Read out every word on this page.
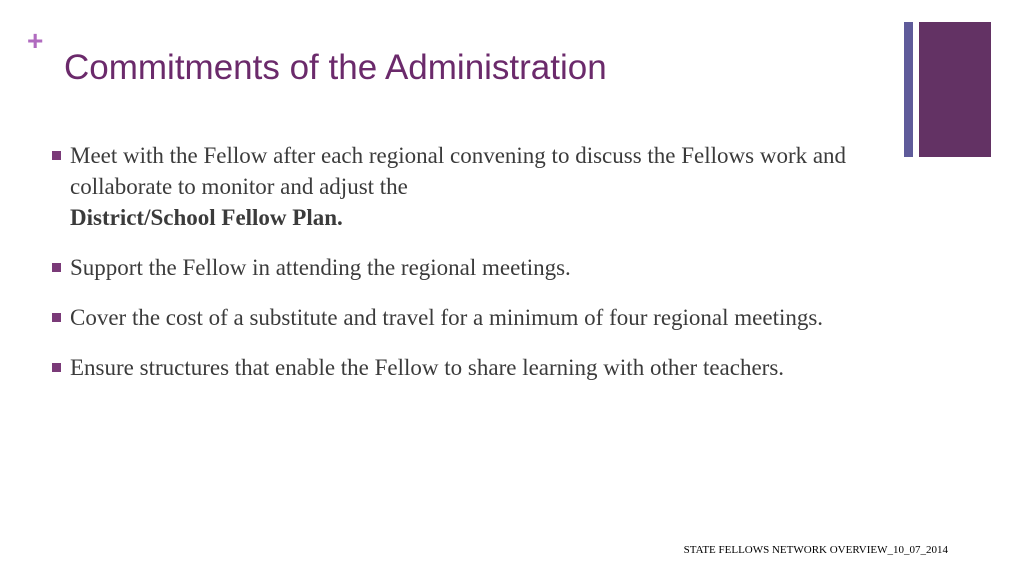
+
Commitments of the Administration
Meet with the Fellow after each regional convening to discuss the Fellows work and collaborate to monitor and adjust the
District/School Fellow Plan.
Support the Fellow in attending the regional meetings.
Cover the cost of a substitute and travel for a minimum of four regional meetings.
Ensure structures that enable the Fellow to share learning with other teachers.
STATE FELLOWS NETWORK OVERVIEW_10_07_2014
